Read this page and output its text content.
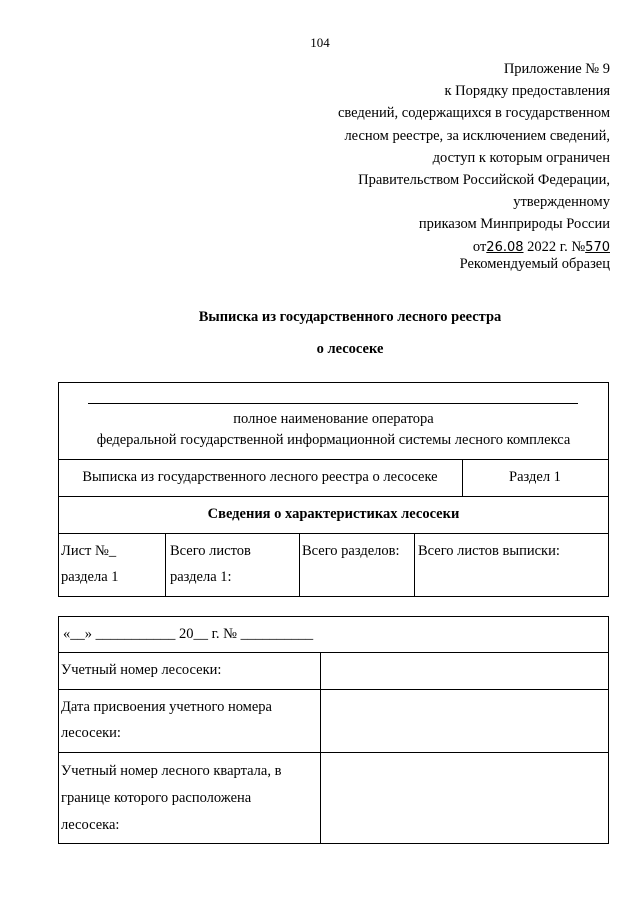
104
Приложение № 9
к Порядку предоставления
сведений, содержащихся в государственном
лесном реестре, за исключением сведений,
доступ к которым ограничен
Правительством Российской Федерации,
утвержденному
приказом Минприроды России
от26.08 2022 г. №570
Рекомендуемый образец
Выписка из государственного лесного реестра
о лесосеке
полное наименование оператора
федеральной государственной информационной системы лесного комплекса
Выписка из государственного лесного реестра о лесосеке	Раздел 1
Сведения о характеристиках лесосеки
Лист №_
раздела 1
Всего листов
раздела 1:
Всего разделов: Всего листов выписки:
«__» ___________ 20__ г. № __________
Учетный номер лесосеки:
Дата присвоения учетного номера
лесосеки:
Учетный номер лесного квартала, в
границе которого расположена
лесосека:
